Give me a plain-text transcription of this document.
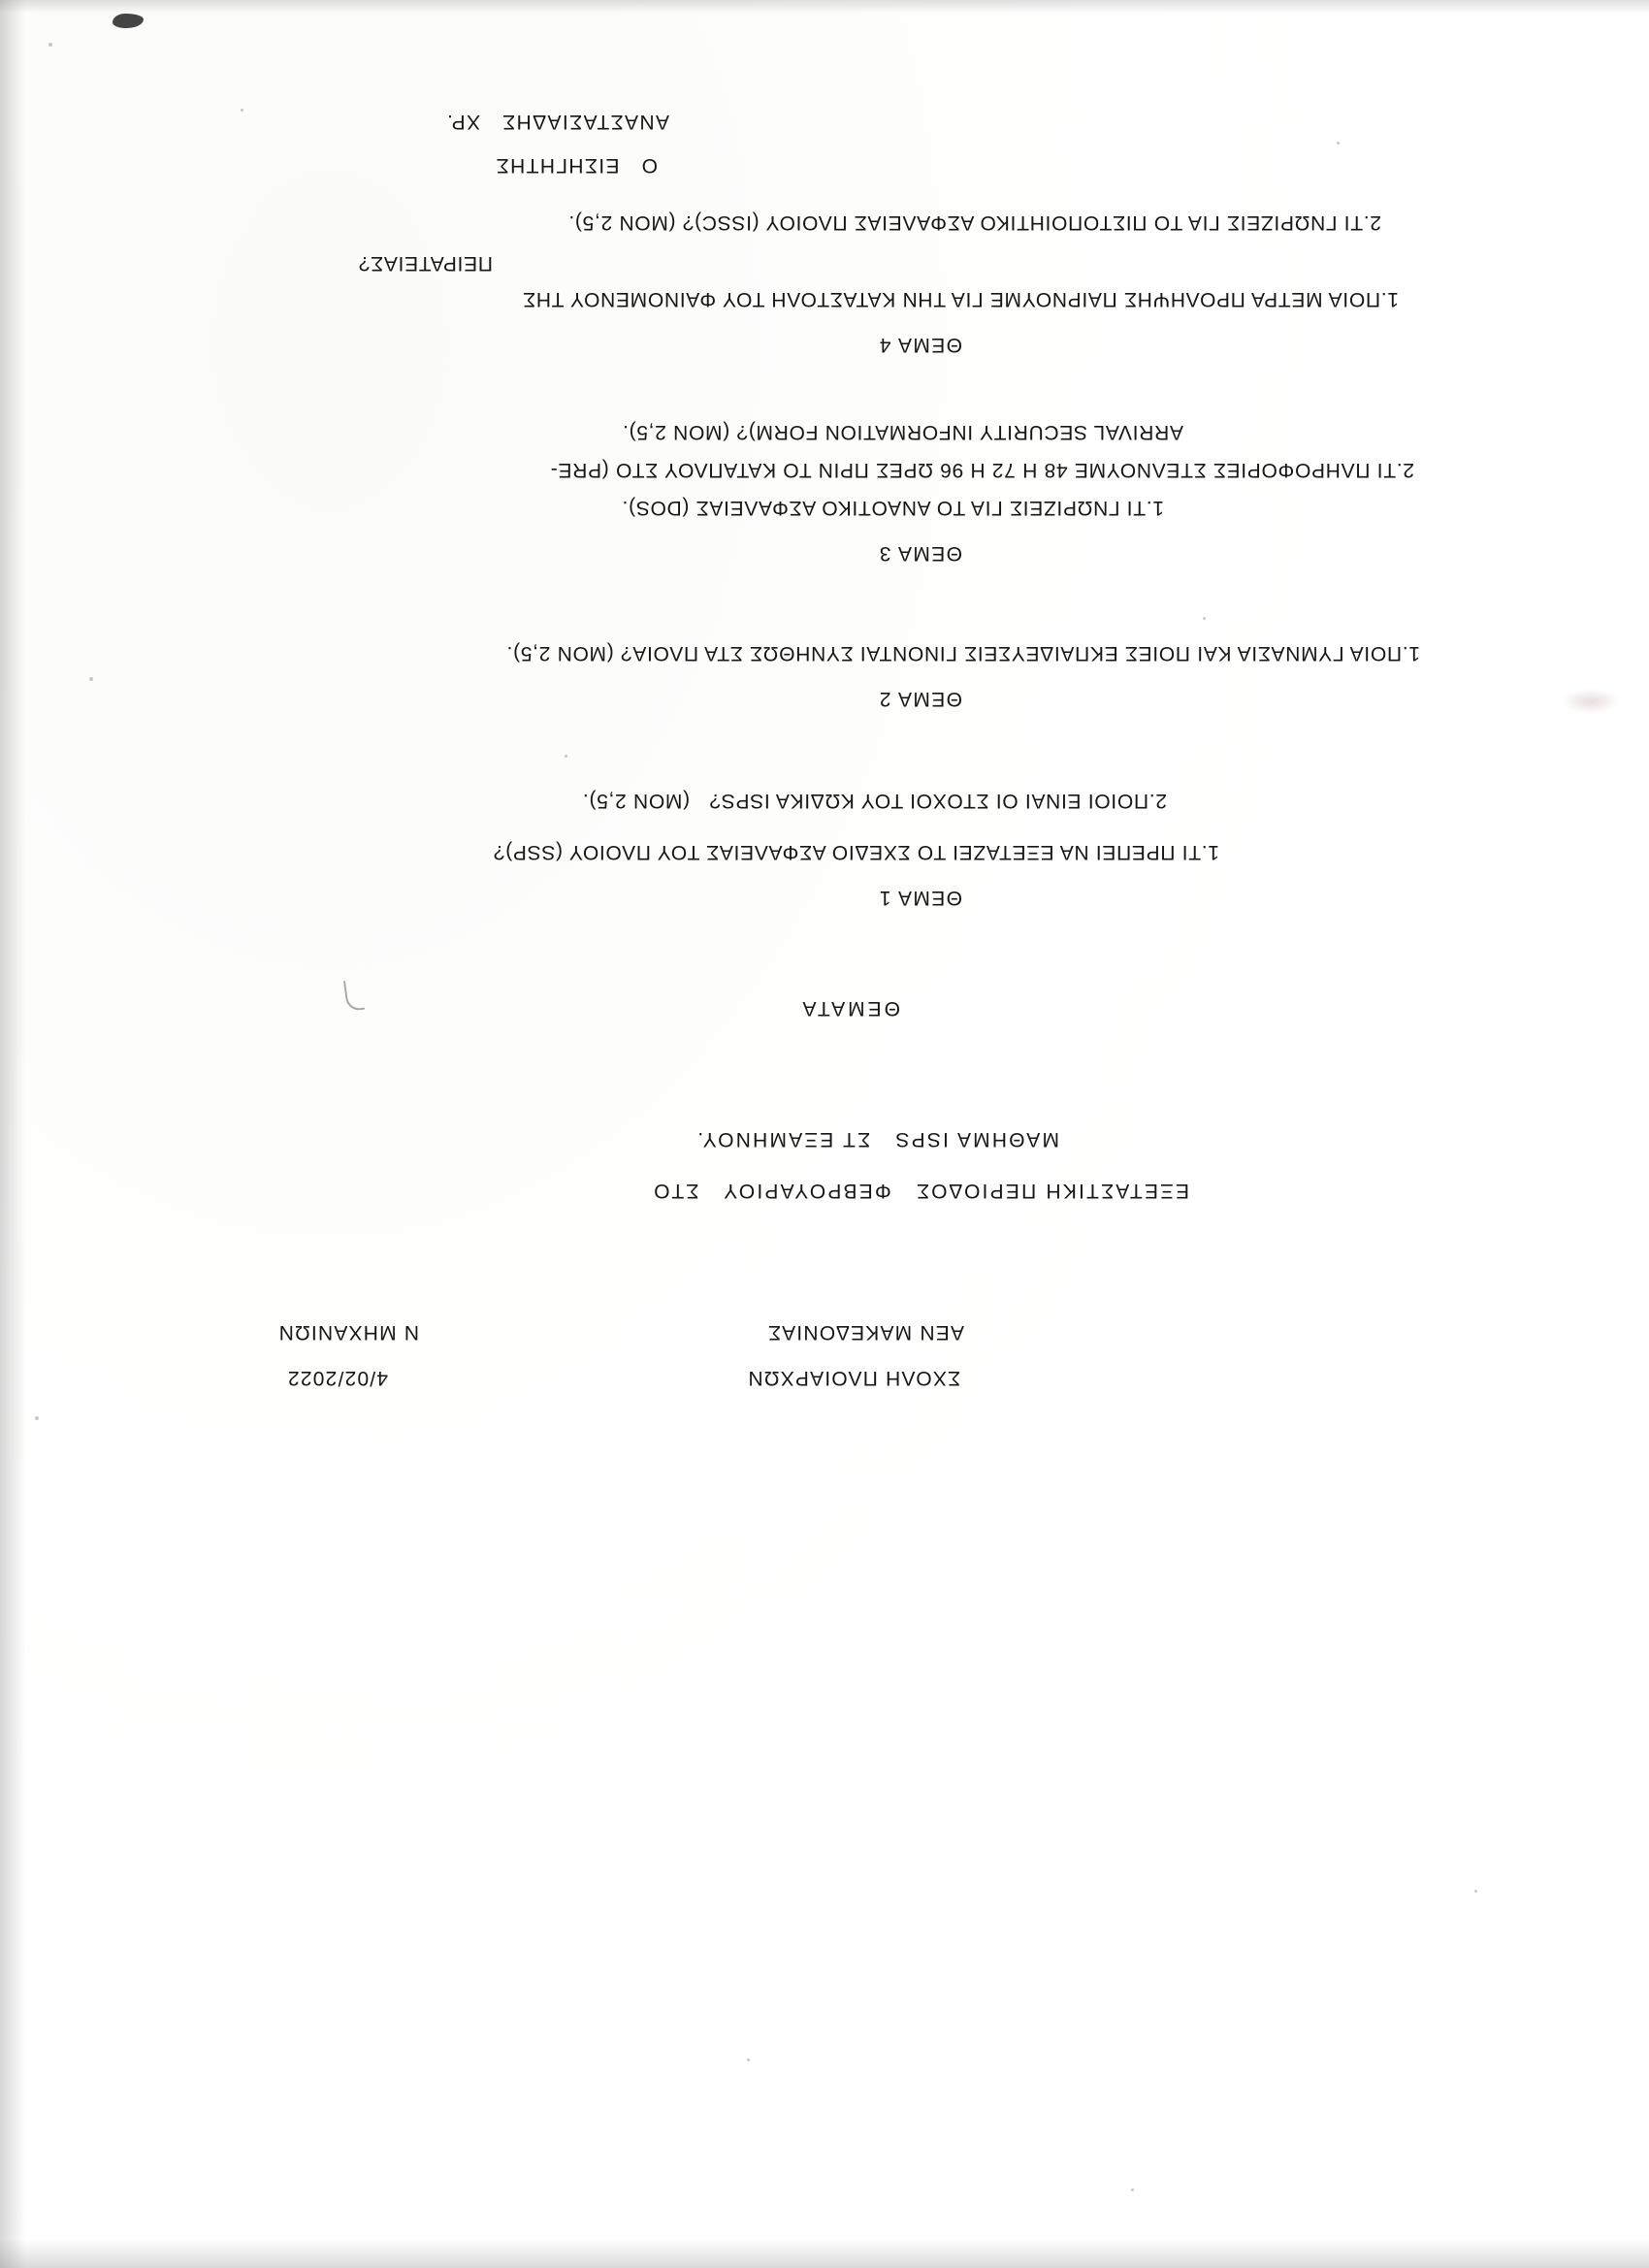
ΣΧΟΛΗ ΠΛΟΙΑΡΧΩΝ
ΑΕΝ ΜΑΚΕΔΟΝΙΑΣ
4/02/2022
Ν ΜΗΧΑΝΙΩΝ
ΕΞΕΤΑΣΤΙΚΗ ΠΕΡΙΟΔΟΣ   ΦΕΒΡΟΥΑΡΙΟΥ   ΣΤΟ
ΜΑΘΗΜΑ ISPS   ΣΤ ΕΞΑΜΗΝΟΥ.
ΘΕΜΑΤΑ
ΘΕΜΑ 1
1.ΤΙ ΠΡΕΠΕΙ ΝΑ ΕΞΕΤΑΖΕΙ ΤΟ ΣΧΕΔΙΟ ΑΣΦΑΛΕΙΑΣ ΤΟΥ ΠΛΟΙΟΥ (SSP)?
2.ΠΟΙΟΙ ΕΙΝΑΙ ΟΙ ΣΤΟΧΟΙ ΤΟΥ ΚΩΔΙΚΑ ISPS?   (ΜΟΝ 2,5).
ΘΕΜΑ 2
1.ΠΟΙΑ ΓΥΜΝΑΣΙΑ ΚΑΙ ΠΟΙΕΣ ΕΚΠΑΙΔΕΥΣΕΙΣ ΓΙΝΟΝΤΑΙ ΣΥΝΗΘΩΣ ΣΤΑ ΠΛΟΙΑ? (ΜΟΝ 2,5).
ΘΕΜΑ 3
1.ΤΙ ΓΝΩΡΙΖΕΙΣ ΓΙΑ ΤΟ ΑΝΑΟΤΙΚΟ ΑΣΦΑΛΕΙΑΣ (DOS).
2.ΤΙ ΠΛΗΡΟΦΟΡΙΕΣ ΣΤΕΛΝΟΥΜΕ 48 Η 72 Η 96 ΩΡΕΣ ΠΡΙΝ ΤΟ ΚΑΤΑΠΛΟΥ ΣΤΟ (PRE-
ARRIVAL SECURITY INFORMATION FORM)? (ΜΟΝ 2,5).
ΘΕΜΑ 4
1.ΠΟΙΑ ΜΕΤΡΑ ΠΡΟΛΗΨΗΣ ΠΑΙΡΝΟΥΜΕ ΓΙΑ ΤΗΝ ΚΑΤΑΣΤΟΛΗ ΤΟΥ ΦΑΙΝΟΜΕΝΟΥ ΤΗΣ
ΠΕΙΡΑΤΕΙΑΣ?
2.ΤΙ ΓΝΩΡΙΖΕΙΣ ΓΙΑ ΤΟ ΠΙΣΤΟΠΟΙΗΤΙΚΟ ΑΣΦΑΛΕΙΑΣ ΠΛΟΙΟΥ (ISSC)? (ΜΟΝ 2,5).
Ο   ΕΙΣΗΓΗΤΗΣ
ΑΝΑΣΤΑΣΙΑΔΗΣ   ΧΡ.
